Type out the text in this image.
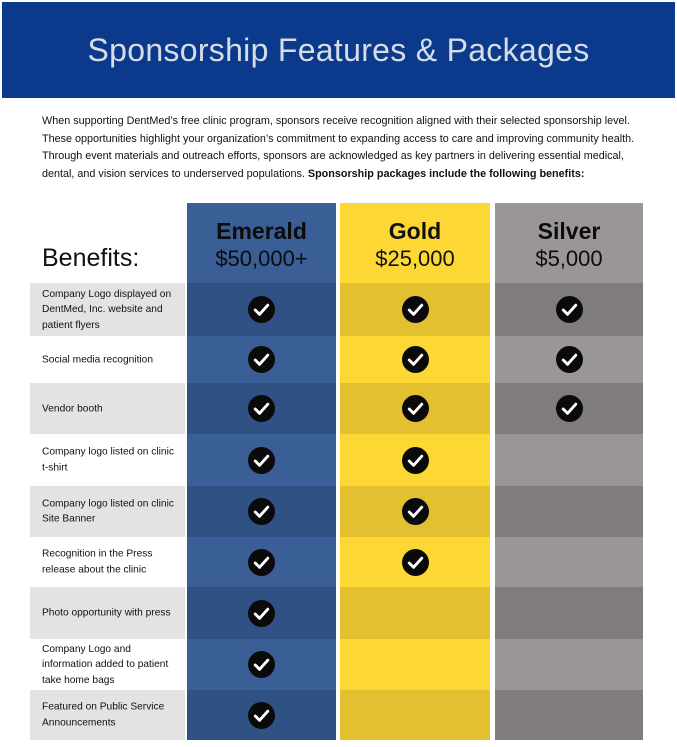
Sponsorship Features & Packages
When supporting DentMed’s free clinic program, sponsors receive recognition aligned with their selected sponsorship level. These opportunities highlight your organization’s commitment to expanding access to care and improving community health. Through event materials and outreach efforts, sponsors are acknowledged as key partners in delivering essential medical, dental, and vision services to underserved populations. Sponsorship packages include the following benefits:
Benefits:
Emerald
$50,000+
Gold
$25,000
Silver
$5,000
Company Logo displayed on DentMed, Inc. website and patient flyers
Social media recognition
Vendor booth
Company logo listed on clinic t-shirt
Company logo listed on clinic Site Banner
Recognition in the Press release about the clinic
Photo opportunity with press
Company Logo and information added to patient take home bags
Featured on Public Service Announcements
